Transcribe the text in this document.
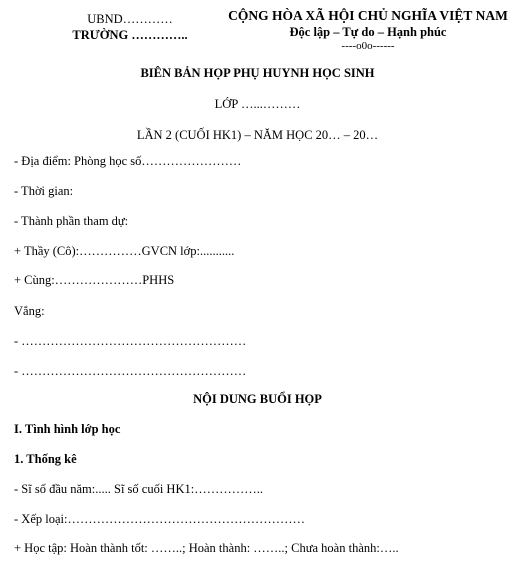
UBND…………
TRƯỜNG …………..
CỘNG HÒA XÃ HỘI CHỦ NGHĨA VIỆT NAM
Độc lập – Tự do – Hạnh phúc
----o0o------
BIÊN BẢN HỌP PHỤ HUYNH HỌC SINH
LỚP …...………
LẦN 2 (CUỐI HK1) – NĂM HỌC 20… – 20…
- Địa điểm: Phòng học số……………………
- Thời gian:
- Thành phần tham dự:
+ Thầy (Cô):……………GVCN lớp:...........
+ Cùng:…………………PHHS
Vắng:
- ………………………………………………
- ………………………………………………
NỘI DUNG BUỔI HỌP
I. Tình hình lớp học
1. Thống kê
- Sĩ số đầu năm:..... Sĩ số cuối HK1:……………..
- Xếp loại:…………………………………………………
+ Học tập: Hoàn thành tốt: ……..; Hoàn thành: ……..; Chưa hoàn thành:…..
